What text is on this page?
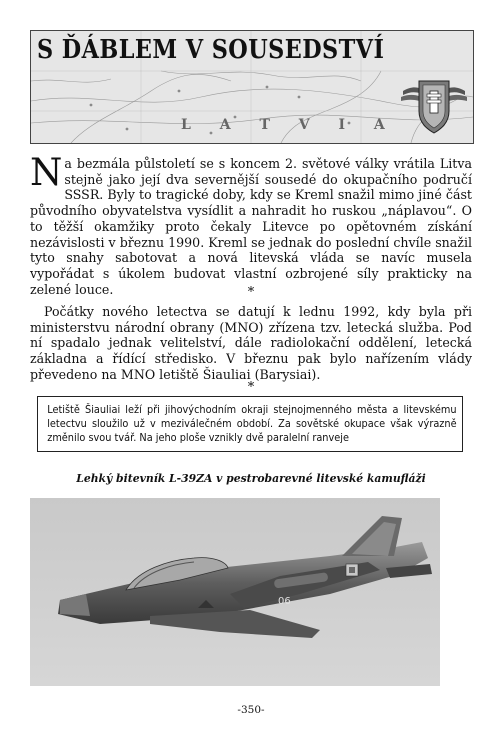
S ĎÁBLEM V SOUSEDSTVÍ
L A T V I A
Na bezmála půlstoletí se s koncem 2. světové války vrátila Litva stejně jako její dva severnější sousedé do okupačního područí SSSR. Byly to tragické doby, kdy se Kreml snažil mimo jiné část původního obyvatelstva vysídlit a nahradit ho ruskou „náplavou“. O to těžší okamžiky proto čekaly Litevce po opětovném získání nezávislosti v březnu 1990. Kreml se jednak do poslední chvíle snažil tyto snahy sabotovat a nová litevská vláda se navíc musela vypořádat s úkolem budovat vlastní ozbrojené síly prakticky na zelené louce.	*
Počátky nového letectva se datují k lednu 1992, kdy byla při ministerstvu národní obrany (MNO) zřízena tzv. letecká služba. Pod ní spadalo jednak velitelství, dále radiolokační oddělení, letecká základna a řídící středisko. V březnu pak bylo nařízením vlády převedeno na MNO letiště Šiauliai (Barysiai).
*

Letiště Šiauliai leží při jihovýchodním okraji stejnojmenného města a litevskému letectvu sloužilo už v meziválečném období. Za sovětské okupace však výrazně změnilo svou tvář. Na jeho ploše vznikly dvě paralelní ranveje

Lehký bitevník L-39ZA v pestrobarevné litevské kamufláži
06
-350-
